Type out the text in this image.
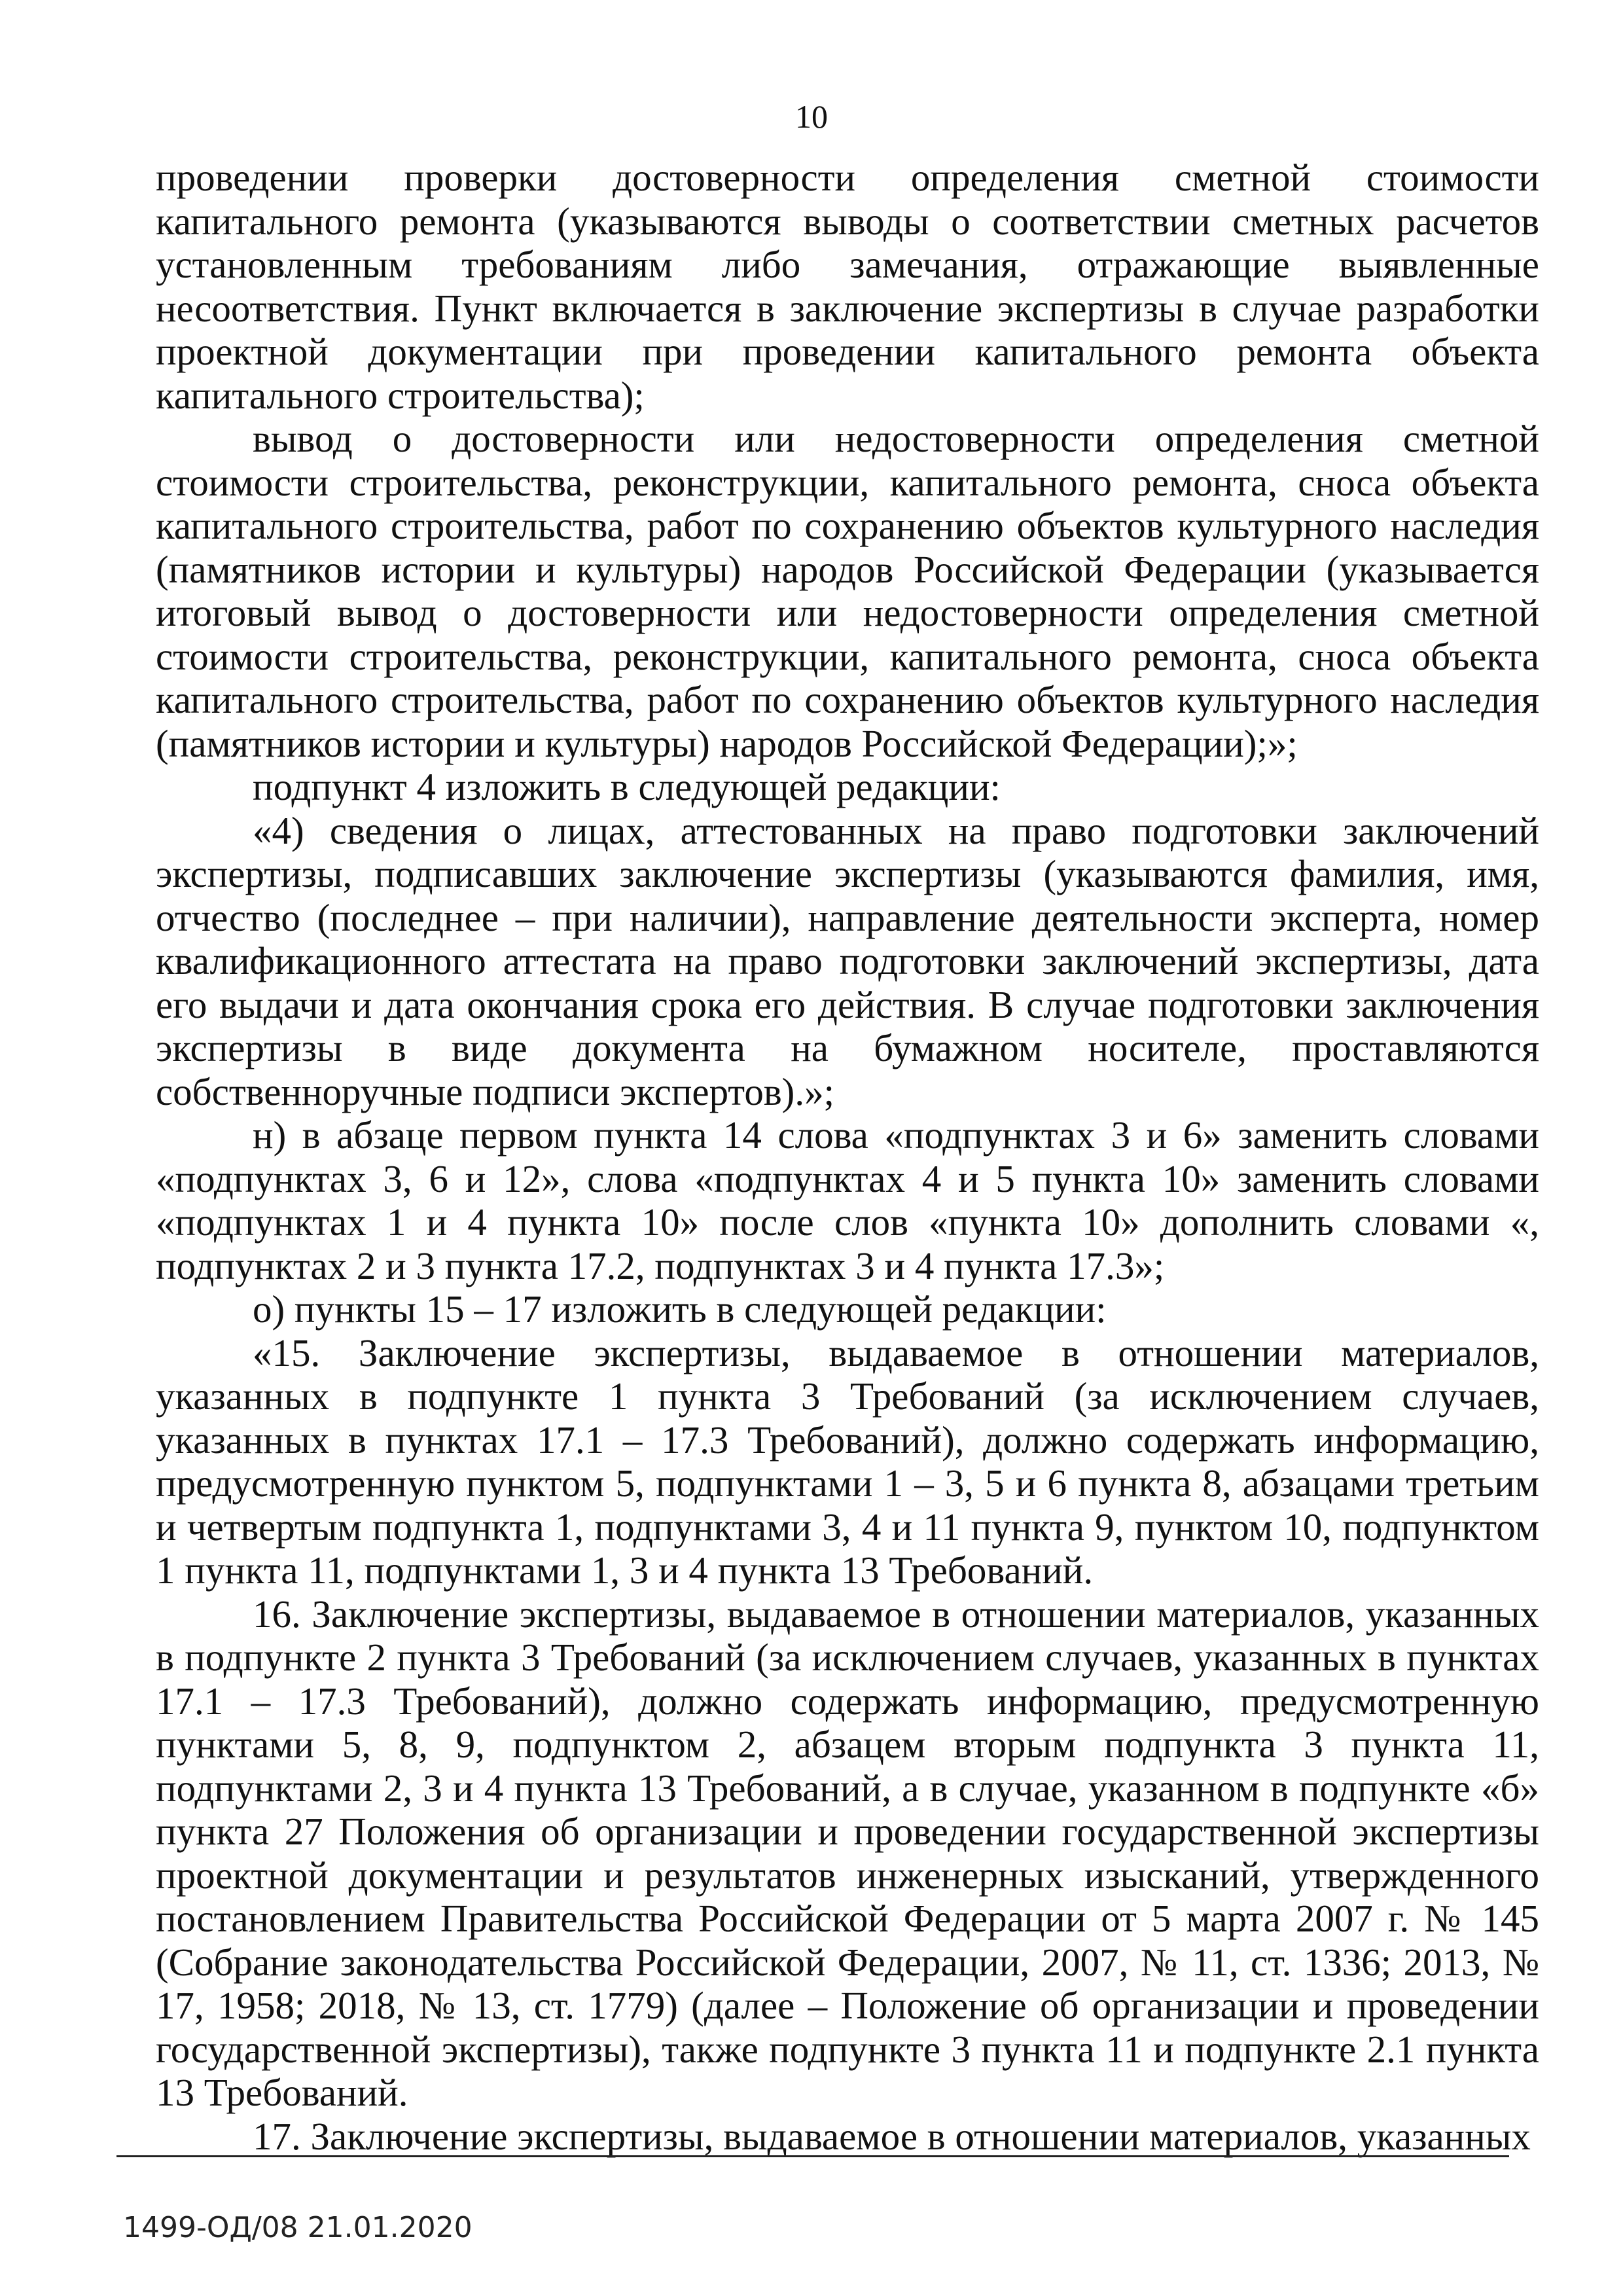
10

проведении проверки достоверности определения сметной стоимости капитального ремонта (указываются выводы о соответствии сметных расчетов установленным требованиям либо замечания, отражающие выявленные несоответствия. Пункт включается в заключение экспертизы в случае разработки проектной документации при проведении капитального ремонта объекта капитального строительства);

вывод о достоверности или недостоверности определения сметной стоимости строительства, реконструкции, капитального ремонта, сноса объекта капитального строительства, работ по сохранению объектов культурного наследия (памятников истории и культуры) народов Российской Федерации (указывается итоговый вывод о достоверности или недостоверности определения сметной стоимости строительства, реконструкции, капитального ремонта, сноса объекта капитального строительства, работ по сохранению объектов культурного наследия (памятников истории и культуры) народов Российской Федерации);»;

подпункт 4 изложить в следующей редакции:

«4) сведения о лицах, аттестованных на право подготовки заключений экспертизы, подписавших заключение экспертизы (указываются фамилия, имя, отчество (последнее – при наличии), направление деятельности эксперта, номер квалификационного аттестата на право подготовки заключений экспертизы, дата его выдачи и дата окончания срока его действия. В случае подготовки заключения экспертизы в виде документа на бумажном носителе, проставляются собственноручные подписи экспертов).»;

н) в абзаце первом пункта 14 слова «подпунктах 3 и 6» заменить словами «подпунктах 3, 6 и 12», слова «подпунктах 4 и 5 пункта 10» заменить словами «подпунктах 1 и 4 пункта 10» после слов «пункта 10» дополнить словами «, подпунктах 2 и 3 пункта 17.2, подпунктах 3 и 4 пункта 17.3»;

о) пункты 15 – 17 изложить в следующей редакции:

«15. Заключение экспертизы, выдаваемое в отношении материалов, указанных в подпункте 1 пункта 3 Требований (за исключением случаев, указанных в пунктах 17.1 – 17.3 Требований), должно содержать информацию, предусмотренную пунктом 5, подпунктами 1 – 3, 5 и 6 пункта 8, абзацами третьим и четвертым подпункта 1, подпунктами 3, 4 и 11 пункта 9, пунктом 10, подпунктом 1 пункта 11, подпунктами 1, 3 и 4 пункта 13 Требований.

16. Заключение экспертизы, выдаваемое в отношении материалов, указанных в подпункте 2 пункта 3 Требований (за исключением случаев, указанных в пунктах 17.1 – 17.3 Требований), должно содержать информацию, предусмотренную пунктами 5, 8, 9, подпунктом 2, абзацем вторым подпункта 3 пункта 11, подпунктами 2, 3 и 4 пункта 13 Требований, а в случае, указанном в подпункте «б» пункта 27 Положения об организации и проведении государственной экспертизы проектной документации и результатов инженерных изысканий, утвержденного постановлением Правительства Российской Федерации от 5 марта 2007 г. № 145 (Собрание законодательства Российской Федерации, 2007, № 11, ст. 1336; 2013, № 17, 1958; 2018, № 13, ст. 1779) (далее – Положение об организации и проведении государственной экспертизы), также подпункте 3 пункта 11 и подпункте 2.1 пункта 13 Требований.

17. Заключение экспертизы, выдаваемое в отношении материалов, указанных

1499-ОД/08 21.01.2020
